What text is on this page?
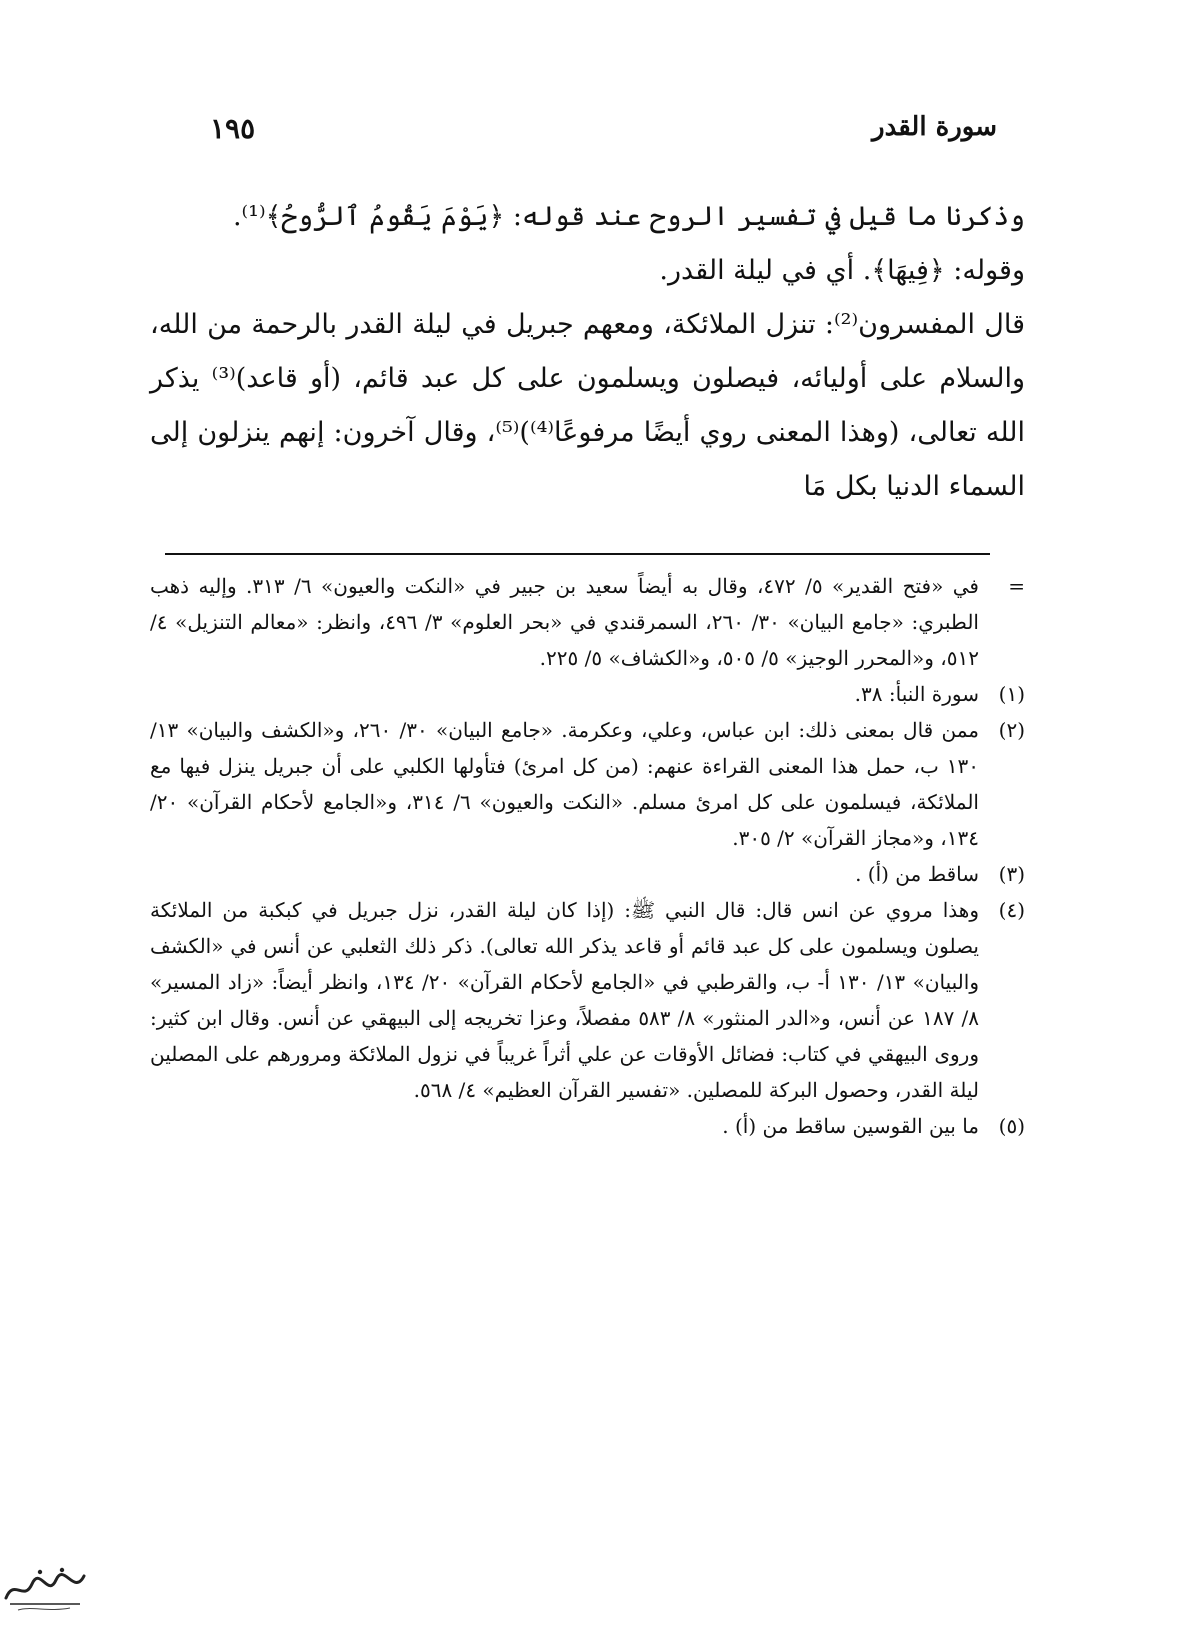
سورة القدر
١٩٥

وذكرنا ما قيل في تفسير الروح عند قوله: ﴿يَوْمَ يَقُومُ ٱلرُّوحُ﴾⁽¹⁾.

وقوله: ﴿فِيهَا﴾. أي في ليلة القدر.

قال المفسرون⁽²⁾: تنزل الملائكة، ومعهم جبريل في ليلة القدر بالرحمة من الله، والسلام على أوليائه، فيصلون ويسلمون على كل عبد قائم، (أو قاعد)⁽³⁾ يذكر الله تعالى، (وهذا المعنى روي أيضًا مرفوعًا⁽⁴⁾)⁽⁵⁾، وقال آخرون: إنهم ينزلون إلى السماء الدنيا بكل مَا

=
في «فتح القدير» ٥/ ٤٧٢، وقال به أيضاً سعيد بن جبير في «النكت والعيون» ٦/ ٣١٣. وإليه ذهب الطبري: «جامع البيان» ٣٠/ ٢٦٠، السمرقندي في «بحر العلوم» ٣/ ٤٩٦، وانظر: «معالم التنزيل» ٤/ ٥١٢، و«المحرر الوجيز» ٥/ ٥٠٥، و«الكشاف» ٥/ ٢٢٥.
(١)
سورة النبأ: ٣٨.
(٢)
ممن قال بمعنى ذلك: ابن عباس، وعلي، وعكرمة. «جامع البيان» ٣٠/ ٢٦٠، و«الكشف والبيان» ١٣/ ١٣٠ ب، حمل هذا المعنى القراءة عنهم: (من كل امرئ) فتأولها الكلبي على أن جبريل ينزل فيها مع الملائكة، فيسلمون على كل امرئ مسلم. «النكت والعيون» ٦/ ٣١٤، و«الجامع لأحكام القرآن» ٢٠/ ١٣٤، و«مجاز القرآن» ٢/ ٣٠٥.
(٣)
ساقط من (أ) .
(٤)
وهذا مروي عن انس قال: قال النبي ﷺ: (إذا كان ليلة القدر، نزل جبريل في كبكبة من الملائكة يصلون ويسلمون على كل عبد قائم أو قاعد يذكر الله تعالى). ذكر ذلك الثعلبي عن أنس في «الكشف والبيان» ١٣/ ١٣٠ أ- ب، والقرطبي في «الجامع لأحكام القرآن» ٢٠/ ١٣٤، وانظر أيضاً: «زاد المسير» ٨/ ١٨٧ عن أنس، و«الدر المنثور» ٨/ ٥٨٣ مفصلاً، وعزا تخريجه إلى البيهقي عن أنس. وقال ابن كثير: وروى البيهقي في كتاب: فضائل الأوقات عن علي أثراً غريباً في نزول الملائكة ومرورهم على المصلين ليلة القدر، وحصول البركة للمصلين. «تفسير القرآن العظيم» ٤/ ٥٦٨.
(٥)
ما بين القوسين ساقط من (أ) .
